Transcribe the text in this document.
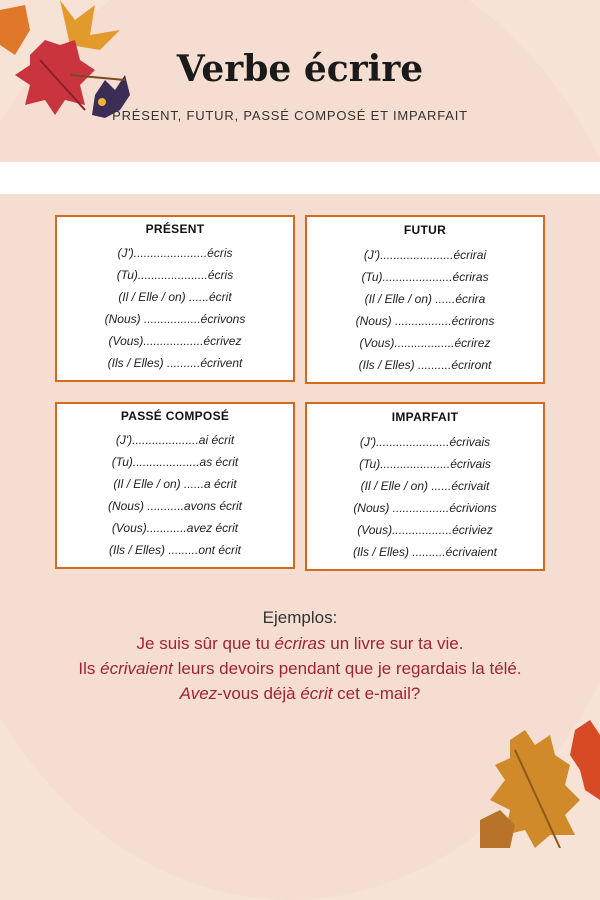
Verbe écrire
PRÉSENT, FUTUR, PASSÉ COMPOSÉ ET IMPARFAIT
PRÉSENT
(J')......................écris
(Tu).....................écris
(Il / Elle / on) ......écrit
(Nous) .................écrivons
(Vous)..................écrivez
(Ils / Elles) ..........écrivent
FUTUR
(J')......................écrirai
(Tu).....................écriras
(Il / Elle / on) ......écrira
(Nous) .................écrirons
(Vous)..................écrirez
(Ils / Elles) ..........écriront
PASSÉ COMPOSÉ
(J')....................ai écrit
(Tu)....................as écrit
(Il / Elle / on) ......a écrit
(Nous) ...........avons écrit
(Vous)............avez écrit
(Ils / Elles) .........ont écrit
IMPARFAIT
(J')......................écrivais
(Tu).....................écrivais
(Il / Elle / on) ......écrivait
(Nous) .................écrivions
(Vous)..................écriviez
(Ils / Elles) ..........écrivaient
Ejemplos:
Je suis sûr que tu écriras un livre sur ta vie.
Ils écrivaient leurs devoirs pendant que je regardais la télé.
Avez-vous déjà écrit cet e-mail?
